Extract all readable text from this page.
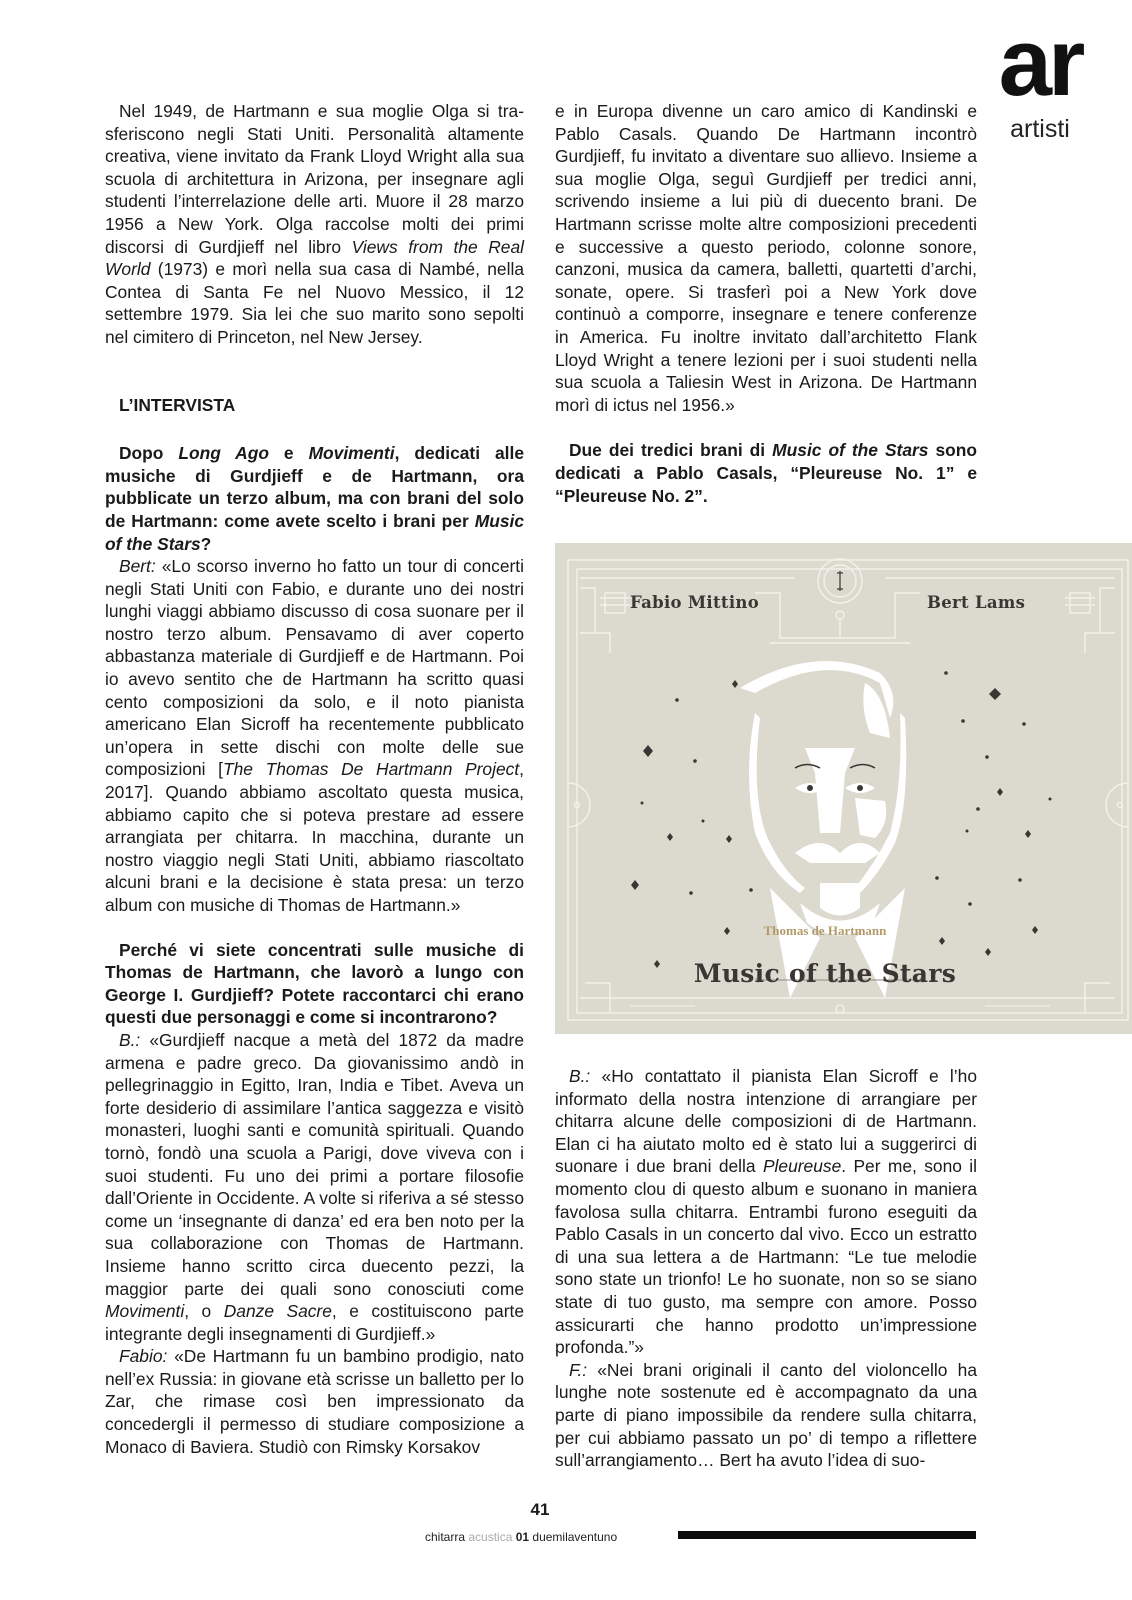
ar
artisti

Nel 1949, de Hartmann e sua moglie Olga si trasferiscono negli Stati Uniti. Personalità altamente creativa, viene invitato da Frank Lloyd Wright alla sua scuola di architettura in Arizona, per insegnare agli studenti l’interrelazione delle arti. Muore il 28 marzo 1956 a New York. Olga raccolse molti dei primi discorsi di Gurdjieff nel libro Views from the Real World (1973) e morì nella sua casa di Nambé, nella Contea di Santa Fe nel Nuovo Messico, il 12 settembre 1979. Sia lei che suo marito sono sepolti nel cimitero di Princeton, nel New Jersey.

L’INTERVISTA

Dopo Long Ago e Movimenti, dedicati alle musiche di Gurdjieff e de Hartmann, ora pubblicate un terzo album, ma con brani del solo de Hartmann: come avete scelto i brani per Music of the Stars?

Bert: «Lo scorso inverno ho fatto un tour di concerti negli Stati Uniti con Fabio, e durante uno dei nostri lunghi viaggi abbiamo discusso di cosa suonare per il nostro terzo album. Pensavamo di aver coperto abbastanza materiale di Gurdjieff e de Hartmann. Poi io avevo sentito che de Hartmann ha scritto quasi cento composizioni da solo, e il noto pianista americano Elan Sicroff ha recentemente pubblicato un’opera in sette dischi con molte delle sue composizioni [The Thomas De Hartmann Project, 2017]. Quando abbiamo ascoltato questa musica, abbiamo capito che si poteva prestare ad essere arrangiata per chitarra. In macchina, durante un nostro viaggio negli Stati Uniti, abbiamo riascoltato alcuni brani e la decisione è stata presa: un terzo album con musiche di Thomas de Hartmann.»

Perché vi siete concentrati sulle musiche di Thomas de Hartmann, che lavorò a lungo con George I. Gurdjieff? Potete raccontarci chi erano questi due personaggi e come si incontrarono?

B.: «Gurdjieff nacque a metà del 1872 da madre armena e padre greco. Da giovanissimo andò in pellegrinaggio in Egitto, Iran, India e Tibet. Aveva un forte desiderio di assimilare l’antica saggezza e visitò monasteri, luoghi santi e comunità spirituali. Quando tornò, fondò una scuola a Parigi, dove viveva con i suoi studenti. Fu uno dei primi a portare filosofie dall’Oriente in Occidente. A volte si riferiva a sé stesso come un ‘insegnante di danza’ ed era ben noto per la sua collaborazione con Thomas de Hartmann. Insieme hanno scritto circa duecento pezzi, la maggior parte dei quali sono conosciuti come Movimenti, o Danze Sacre, e costituiscono parte integrante degli insegnamenti di Gurdjieff.»

Fabio: «De Hartmann fu un bambino prodigio, nato nell’ex Russia: in giovane età scrisse un balletto per lo Zar, che rimase così ben impressionato da concedergli il permesso di studiare composizione a Monaco di Baviera. Studiò con Rimsky Korsakov

e in Europa divenne un caro amico di Kandinski e Pablo Casals. Quando De Hartmann incontrò Gurdjieff, fu invitato a diventare suo allievo. Insieme a sua moglie Olga, seguì Gurdjieff per tredici anni, scrivendo insieme a lui più di duecento brani. De Hartmann scrisse molte altre composizioni precedenti e successive a questo periodo, colonne sonore, canzoni, musica da camera, balletti, quartetti d’archi, sonate, opere. Si trasferì poi a New York dove continuò a comporre, insegnare e tenere conferenze in America. Fu inoltre invitato dall’architetto Flank Lloyd Wright a tenere lezioni per i suoi studenti nella sua scuola a Taliesin West in Arizona. De Hartmann morì di ictus nel 1956.»

Due dei tredici brani di Music of the Stars sono dedicati a Pablo Casals, “Pleureuse No. 1” e “Pleureuse No. 2”.

Fabio Mittino	Bert Lams
Thomas de Hartmann
Music of the Stars

B.: «Ho contattato il pianista Elan Sicroff e l’ho informato della nostra intenzione di arrangiare per chitarra alcune delle composizioni di de Hartmann. Elan ci ha aiutato molto ed è stato lui a suggerirci di suonare i due brani della Pleureuse. Per me, sono il momento clou di questo album e suonano in maniera favolosa sulla chitarra. Entrambi furono eseguiti da Pablo Casals in un concerto dal vivo. Ecco un estratto di una sua lettera a de Hartmann: “Le tue melodie sono state un trionfo! Le ho suonate, non so se siano state di tuo gusto, ma sempre con amore. Posso assicurarti che hanno prodotto un’impressione profonda.”»

F.: «Nei brani originali il canto del violoncello ha lunghe note sostenute ed è accompagnato da una parte di piano impossibile da rendere sulla chitarra, per cui abbiamo passato un po’ di tempo a riflettere sull’arrangiamento… Bert ha avuto l’idea di suo-

41
chitarra acustica 01 duemilaventuno
